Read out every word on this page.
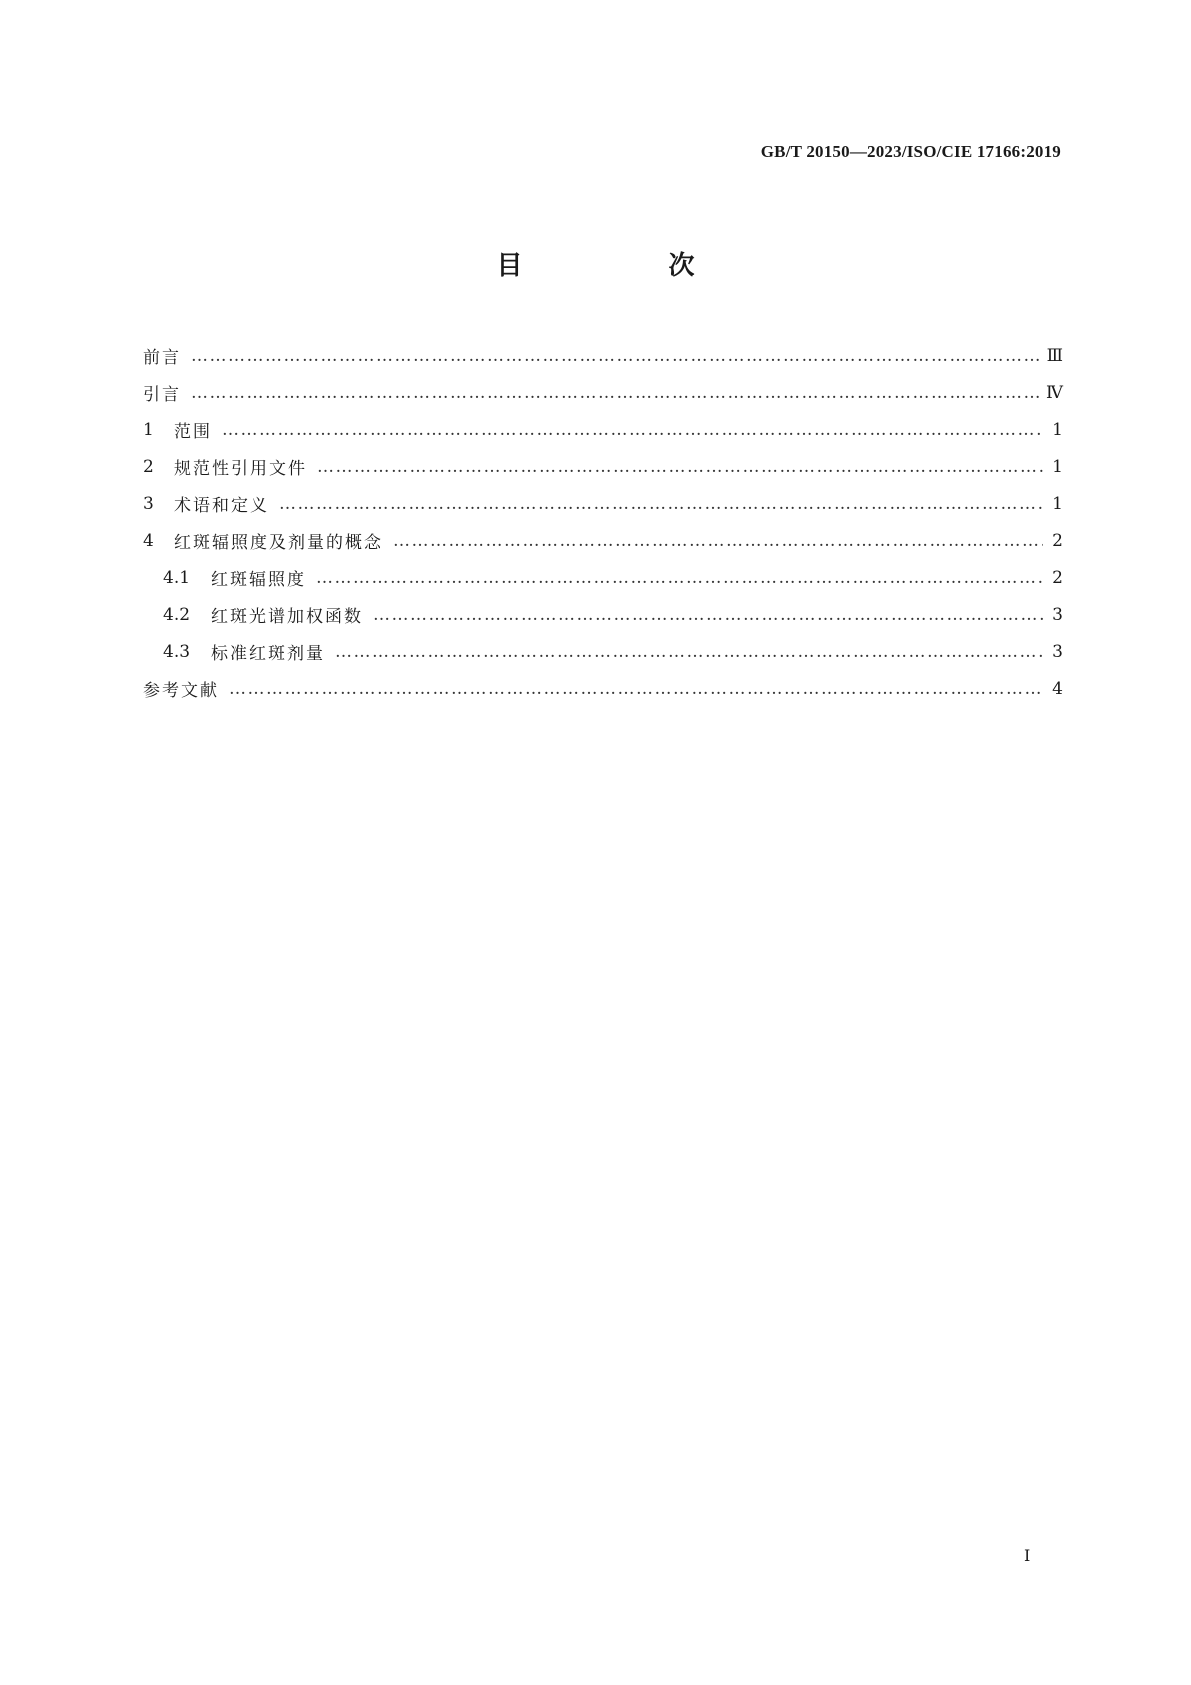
GB/T 20150—2023/ISO/CIE 17166:2019
目　次
前言 …………………………………………………………………………………………………………………………………………………………………………………	Ⅲ
引言 …………………………………………………………………………………………………………………………………………………………………………………	Ⅳ
1	范围 …………………………………………………………………………………………………………………………………………………………………………………	1
2	规范性引用文件 …………………………………………………………………………………………………………………………………………………………………………………	1
3	术语和定义 …………………………………………………………………………………………………………………………………………………………………………………	1
4	红斑辐照度及剂量的概念 …………………………………………………………………………………………………………………………………………………………………………………	2
4.1	红斑辐照度 …………………………………………………………………………………………………………………………………………………………………………………	2
4.2	红斑光谱加权函数 …………………………………………………………………………………………………………………………………………………………………………………	3
4.3	标准红斑剂量 …………………………………………………………………………………………………………………………………………………………………………………	3
参考文献 …………………………………………………………………………………………………………………………………………………………………………………	4
Ⅰ
